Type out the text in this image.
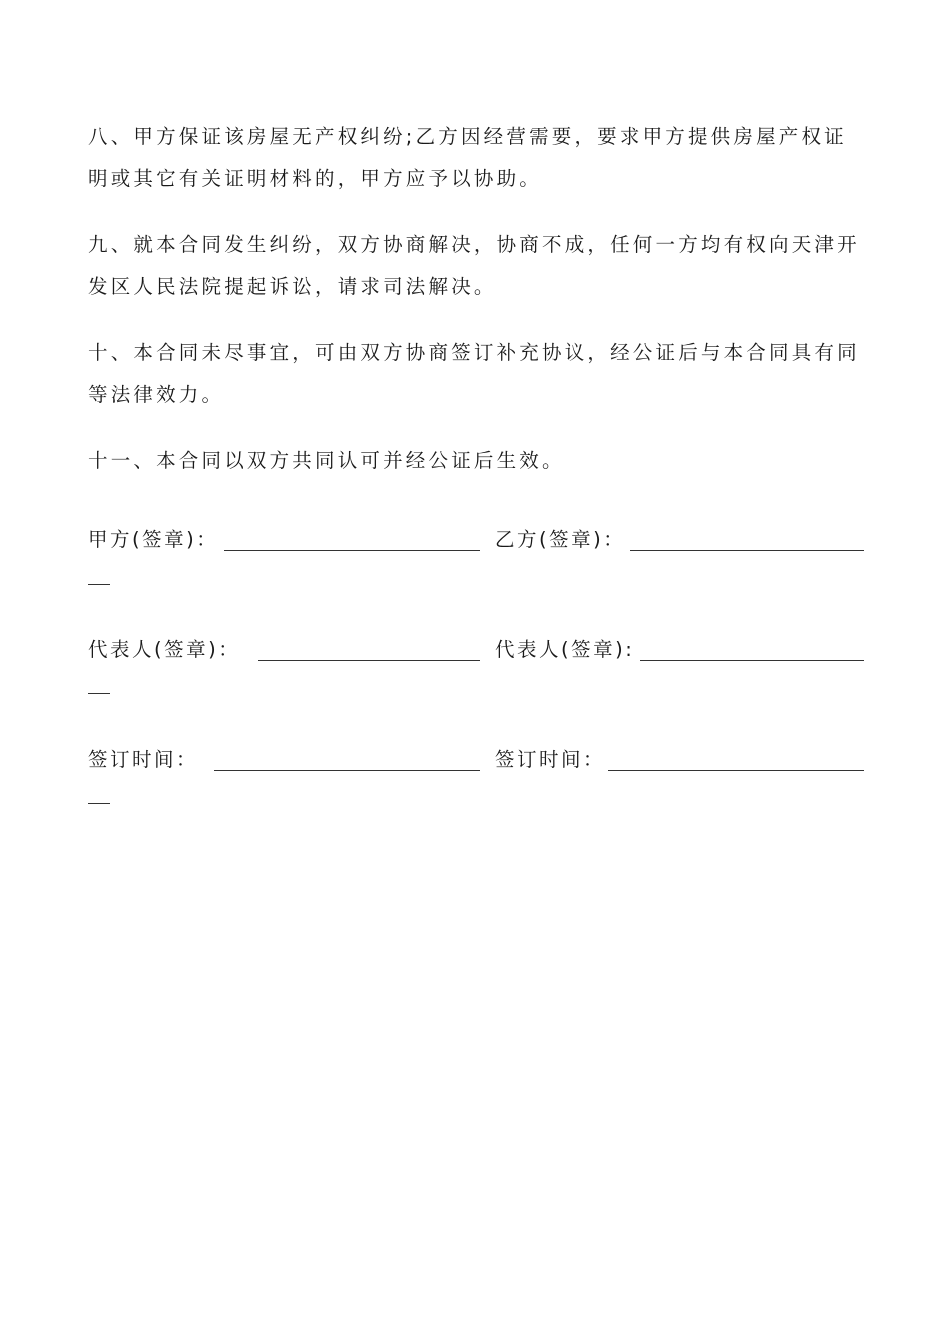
八、甲方保证该房屋无产权纠纷;乙方因经营需要，要求甲方提供房屋产权证明或其它有关证明材料的，甲方应予以协助。

九、就本合同发生纠纷，双方协商解决，协商不成，任何一方均有权向天津开发区人民法院提起诉讼，请求司法解决。

十、本合同未尽事宜，可由双方协商签订补充协议，经公证后与本合同具有同等法律效力。

十一、本合同以双方共同认可并经公证后生效。

甲方(签章)：	乙方(签章)：
代表人(签章)：	代表人(签章):
签订时间：	签订时间：
